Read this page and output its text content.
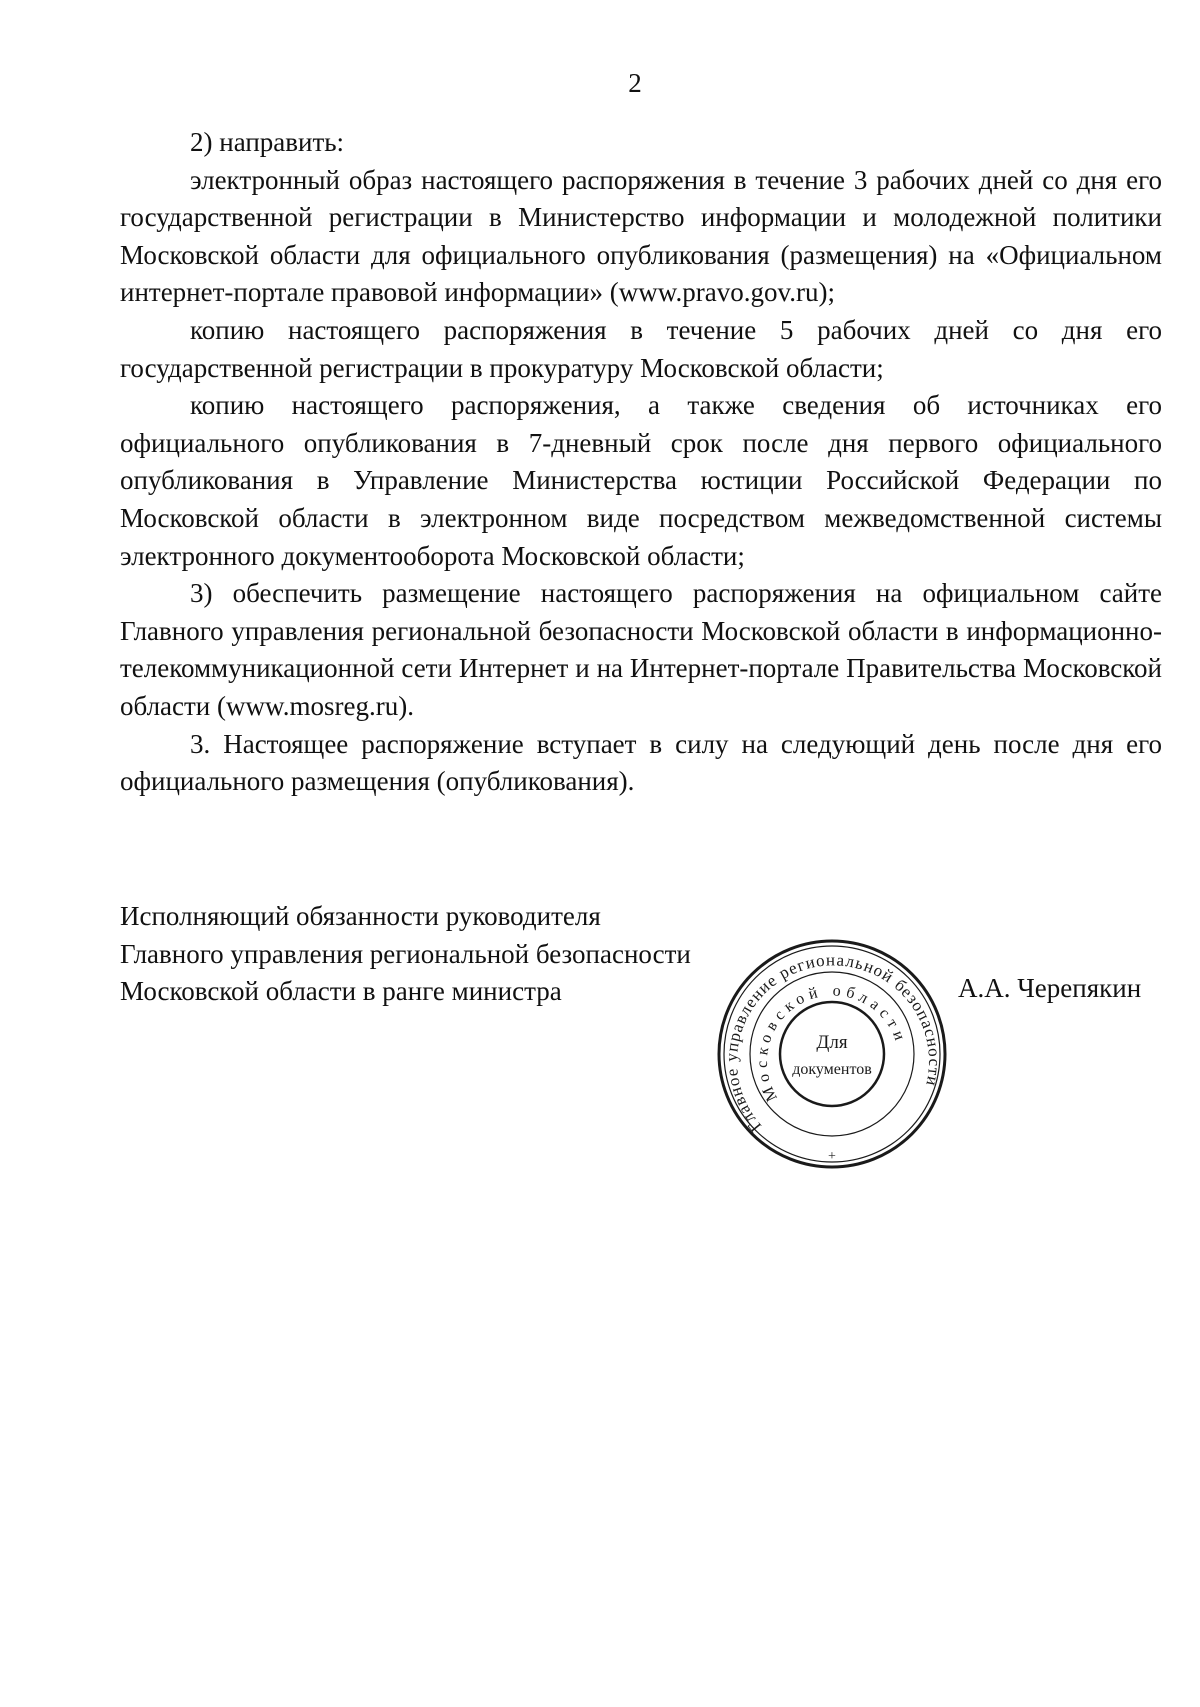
2

2) направить:

электронный образ настоящего распоряжения в течение 3 рабочих дней со дня его государственной регистрации в Министерство информации и молодежной политики Московской области для официального опубликования (размещения) на «Официальном интернет-портале правовой информации» (www.pravo.gov.ru);

копию настоящего распоряжения в течение 5 рабочих дней со дня его государственной регистрации в прокуратуру Московской области;

копию настоящего распоряжения, а также сведения об источниках его официального опубликования в 7-дневный срок после дня первого официального опубликования в Управление Министерства юстиции Российской Федерации по Московской области в электронном виде посредством межведомственной системы электронного документооборота Московской области;

3) обеспечить размещение настоящего распоряжения на официальном сайте Главного управления региональной безопасности Московской области в информационно-телекоммуникационной сети Интернет и на Интернет-портале Правительства Московской области (www.mosreg.ru).

3. Настоящее распоряжение вступает в силу на следующий день после дня его официального размещения (опубликования).

Исполняющий обязанности руководителя
Главного управления региональной безопасности
Московской области в ранге министра
Главное управление региональной безопасности
Московской области
Для
документов
+
А.А. Черепякин
